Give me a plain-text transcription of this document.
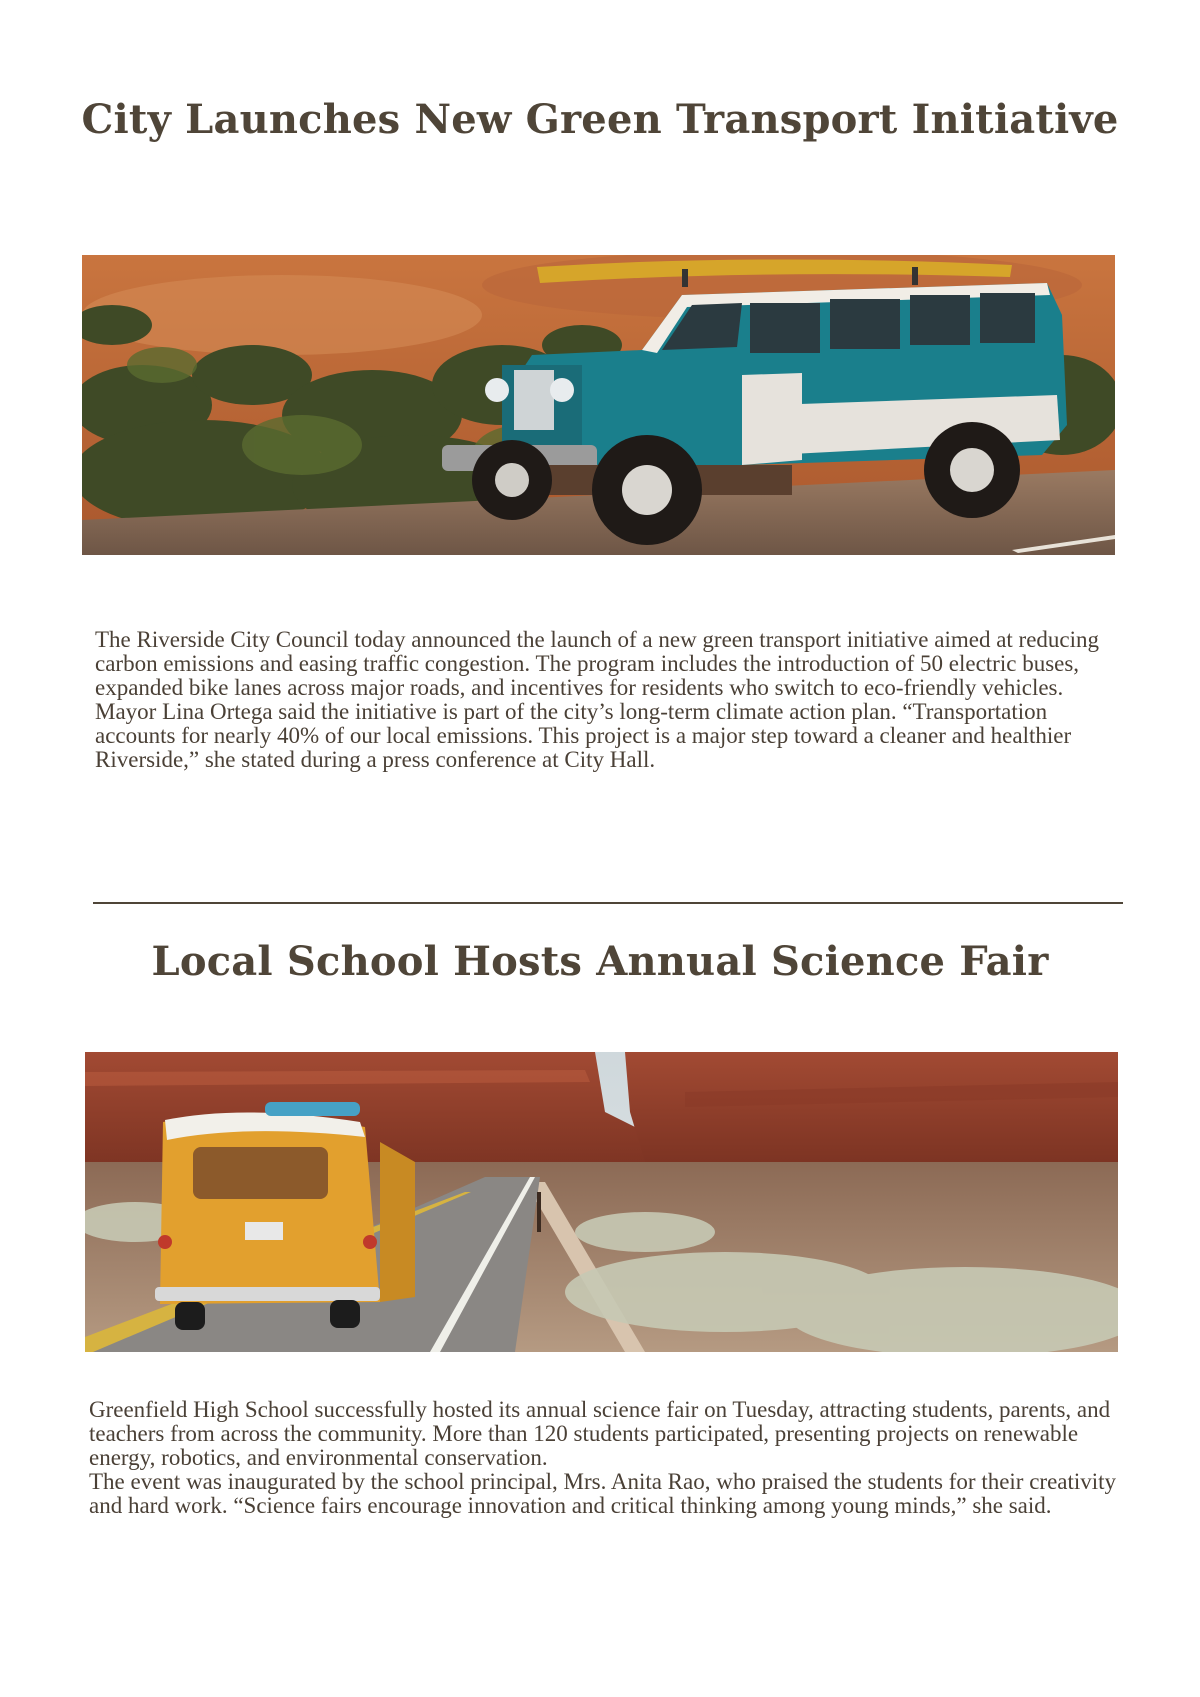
City Launches New Green Transport Initiative

The Riverside City Council today announced the launch of a new green transport initiative aimed at reducing carbon emissions and easing traffic congestion. The program includes the introduction of 50 electric buses, expanded bike lanes across major roads, and incentives for residents who switch to eco-friendly vehicles.

Mayor Lina Ortega said the initiative is part of the city’s long-term climate action plan. “Transportation accounts for nearly 40% of our local emissions. This project is a major step toward a cleaner and healthier Riverside,” she stated during a press conference at City Hall.

Local School Hosts Annual Science Fair

Greenfield High School successfully hosted its annual science fair on Tuesday, attracting students, parents, and teachers from across the community. More than 120 students participated, presenting projects on renewable energy, robotics, and environmental conservation.

The event was inaugurated by the school principal, Mrs. Anita Rao, who praised the students for their creativity and hard work. “Science fairs encourage innovation and critical thinking among young minds,” she said.
